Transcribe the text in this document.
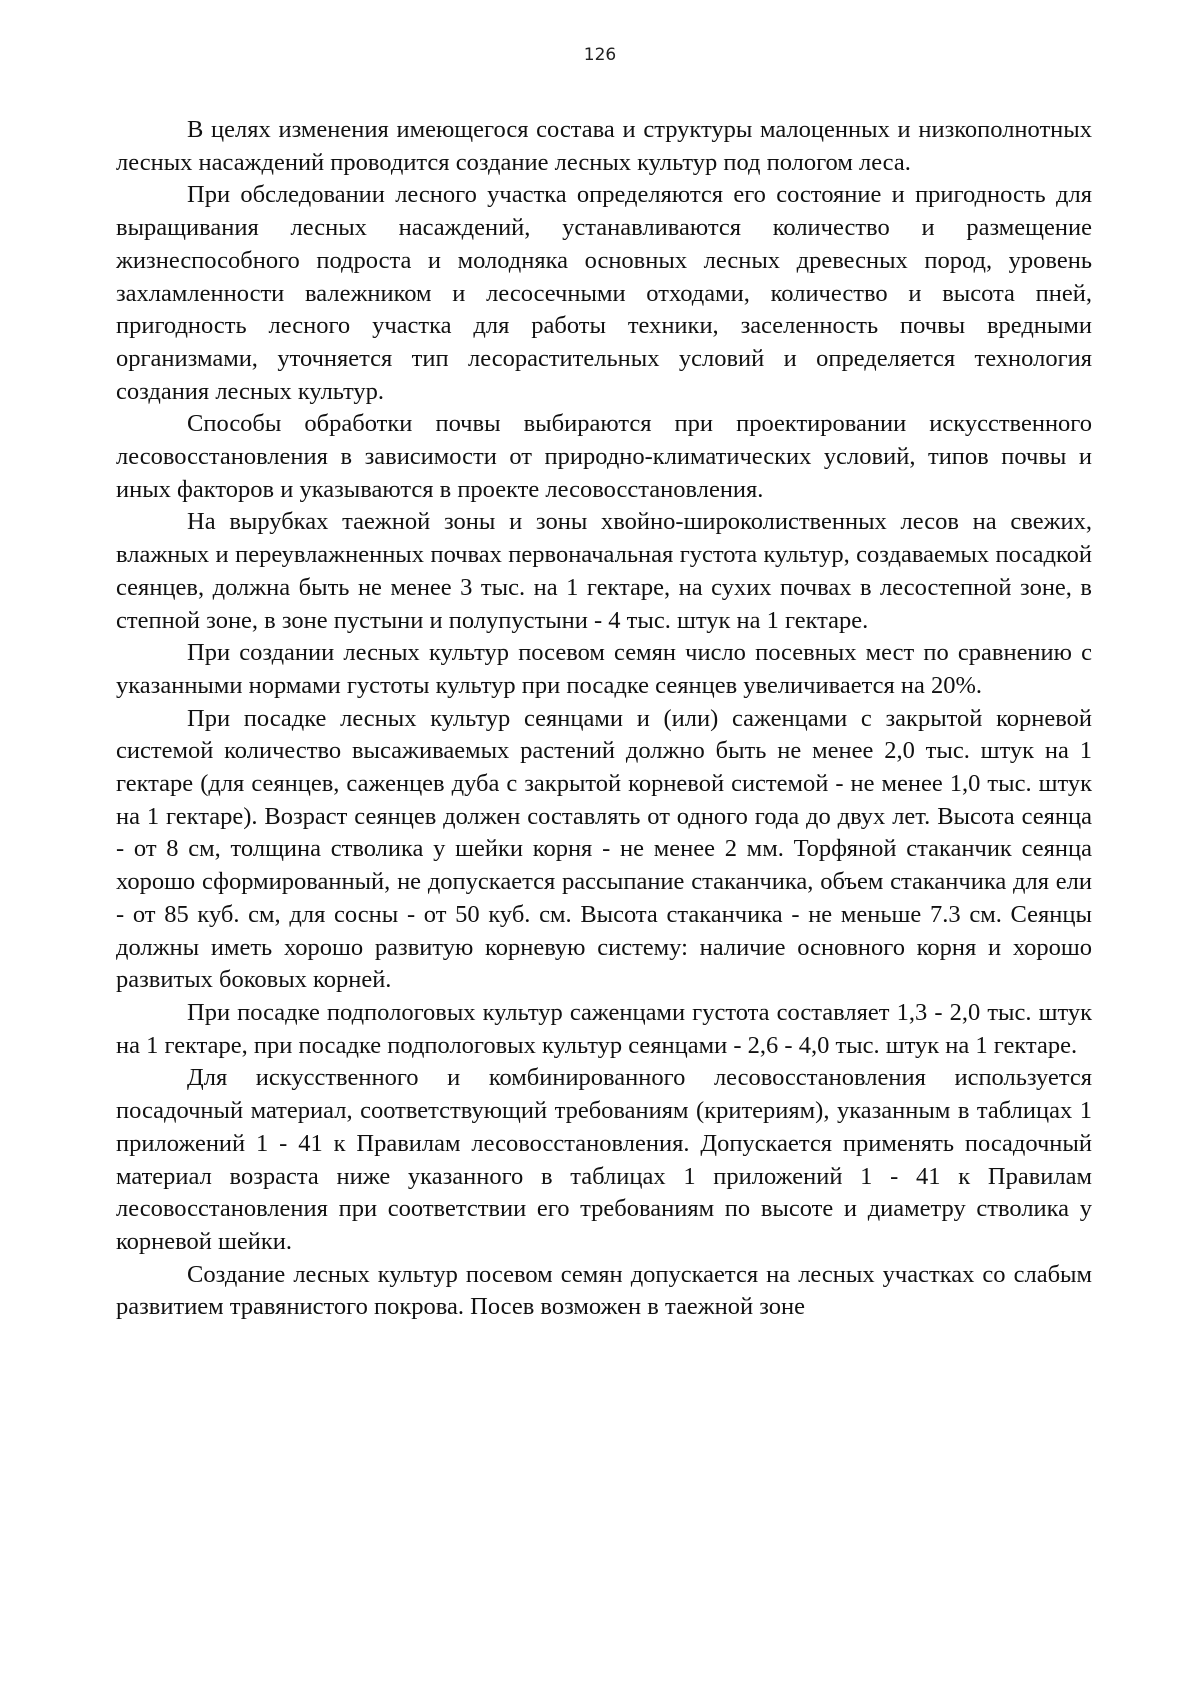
126

В целях изменения имеющегося состава и структуры малоценных и низкополнотных лесных насаждений проводится создание лесных культур под пологом леса.

При обследовании лесного участка определяются его состояние и пригодность для выращивания лесных насаждений, устанавливаются количество и размещение жизнеспособного подроста и молодняка основных лесных древесных пород, уровень захламленности валежником и лесосечными отходами, количество и высота пней, пригодность лесного участка для работы техники, заселенность почвы вредными организмами, уточняется тип лесорастительных условий и определяется технология создания лесных культур.

Способы обработки почвы выбираются при проектировании искусственного лесовосстановления в зависимости от природно-климатических условий, типов почвы и иных факторов и указываются в проекте лесовосстановления.

На вырубках таежной зоны и зоны хвойно-широколиственных лесов на свежих, влажных и переувлажненных почвах первоначальная густота культур, создаваемых посадкой сеянцев, должна быть не менее 3 тыс. на 1 гектаре, на сухих почвах в лесостепной зоне, в степной зоне, в зоне пустыни и полупустыни - 4 тыс. штук на 1 гектаре.

При создании лесных культур посевом семян число посевных мест по сравнению с указанными нормами густоты культур при посадке сеянцев увеличивается на 20%.

При посадке лесных культур сеянцами и (или) саженцами с закрытой корневой системой количество высаживаемых растений должно быть не менее 2,0 тыс. штук на 1 гектаре (для сеянцев, саженцев дуба с закрытой корневой системой - не менее 1,0 тыс. штук на 1 гектаре). Возраст сеянцев должен составлять от одного года до двух лет. Высота сеянца - от 8 см, толщина стволика у шейки корня - не менее 2 мм. Торфяной стаканчик сеянца хорошо сформированный, не допускается рассыпание стаканчика, объем стаканчика для ели - от 85 куб. см, для сосны - от 50 куб. см. Высота стаканчика - не меньше 7.3 см. Сеянцы должны иметь хорошо развитую корневую систему: наличие основного корня и хорошо развитых боковых корней.

При посадке подпологовых культур саженцами густота составляет 1,3 - 2,0 тыс. штук на 1 гектаре, при посадке подпологовых культур сеянцами - 2,6 - 4,0 тыс. штук на 1 гектаре.

Для искусственного и комбинированного лесовосстановления используется посадочный материал, соответствующий требованиям (критериям), указанным в таблицах 1 приложений 1 - 41 к Правилам лесовосстановления. Допускается применять посадочный материал возраста ниже указанного в таблицах 1 приложений 1 - 41 к Правилам лесовосстановления при соответствии его требованиям по высоте и диаметру стволика у корневой шейки.

Создание лесных культур посевом семян допускается на лесных участках со слабым развитием травянистого покрова. Посев возможен в таежной зоне
